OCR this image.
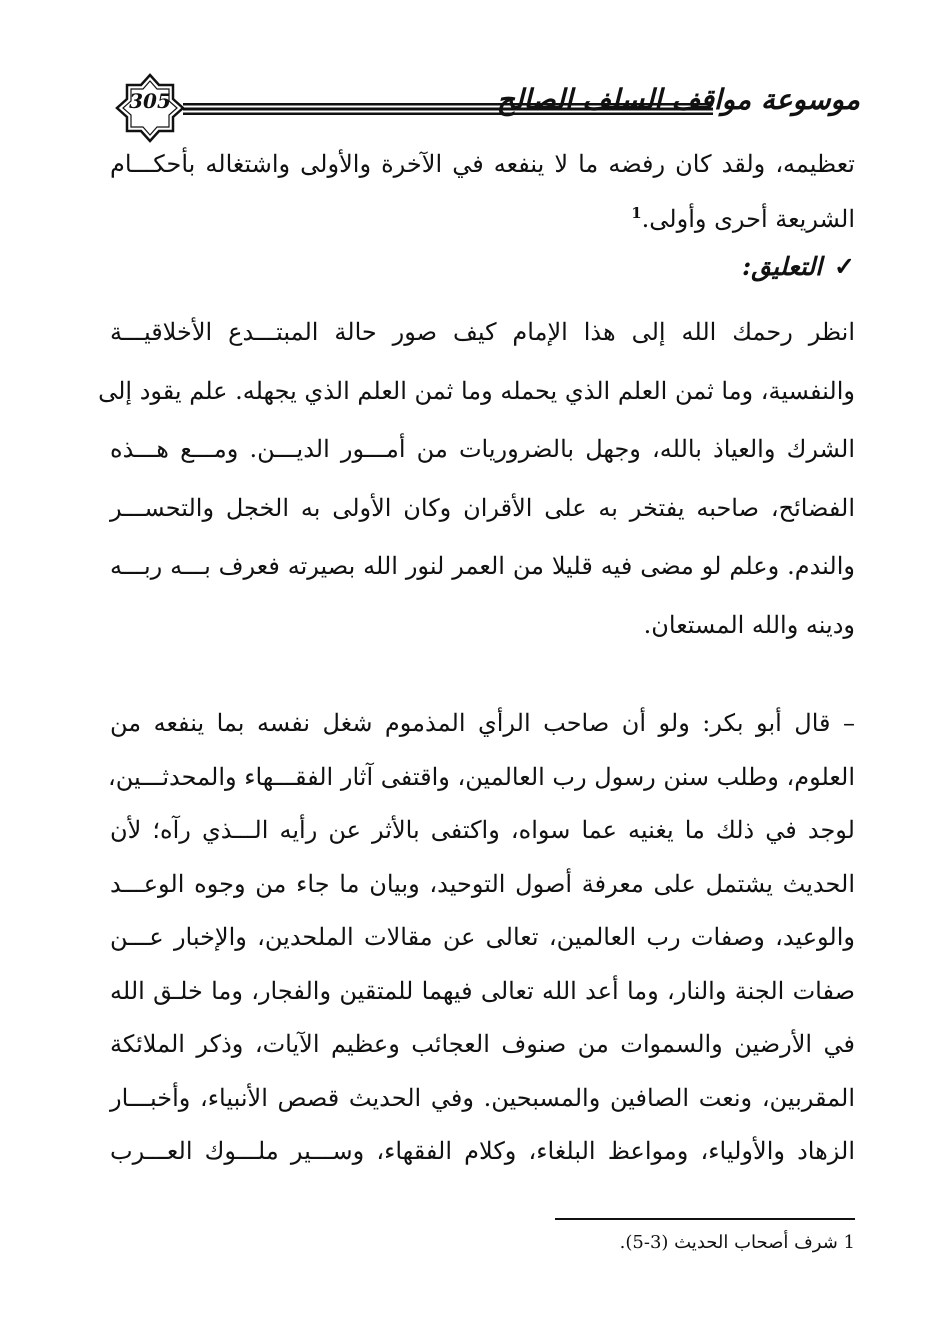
305	موسوعة مواقف السلف الصالح
تعظيمه، ولقد كان رفضه ما لا ينفعه في الآخرة والأولى واشتغاله بأحكـــام
الشريعة أحرى وأولى.$^1$
✓التعليق:
انظر رحمك الله إلى هذا الإمام كيف صور حالة المبتـــدع الأخلاقيـــة
والنفسية، وما ثمن العلم الذي يحمله وما ثمن العلم الذي يجهله. علم يقود إلى
الشرك والعياذ بالله، وجهل بالضروريات من أمـــور الديـــن. ومـــع هـــذه
الفضائح، صاحبه يفتخر به على الأقران وكان الأولى به الخجل والتحســـر
والندم. وعلم لو مضى فيه قليلا من العمر لنور الله بصيرته فعرف بـــه ربـــه
ودينه والله المستعان.
– قال أبو بكر: ولو أن صاحب الرأي المذموم شغل نفسه بما ينفعه من
العلوم، وطلب سنن رسول رب العالمين، واقتفى آثار الفقـــهاء والمحدثـــين،
لوجد في ذلك ما يغنيه عما سواه، واكتفى بالأثر عن رأيه الـــذي رآه؛ لأن
الحديث يشتمل على معرفة أصول التوحيد، وبيان ما جاء من وجوه الوعـــد
والوعيد، وصفات رب العالمين، تعالى عن مقالات الملحدين، والإخبار عـــن
صفات الجنة والنار، وما أعد الله تعالى فيهما للمتقين والفجار، وما خلـق الله
في الأرضين والسموات من صنوف العجائب وعظيم الآيات، وذكر الملائكة
المقربين، ونعت الصافين والمسبحين. وفي الحديث قصص الأنبياء، وأخبـــار
الزهاد والأولياء، ومواعظ البلغاء، وكلام الفقهاء، وســـير ملـــوك العـــرب
1 شرف أصحاب الحديث (3-5).
